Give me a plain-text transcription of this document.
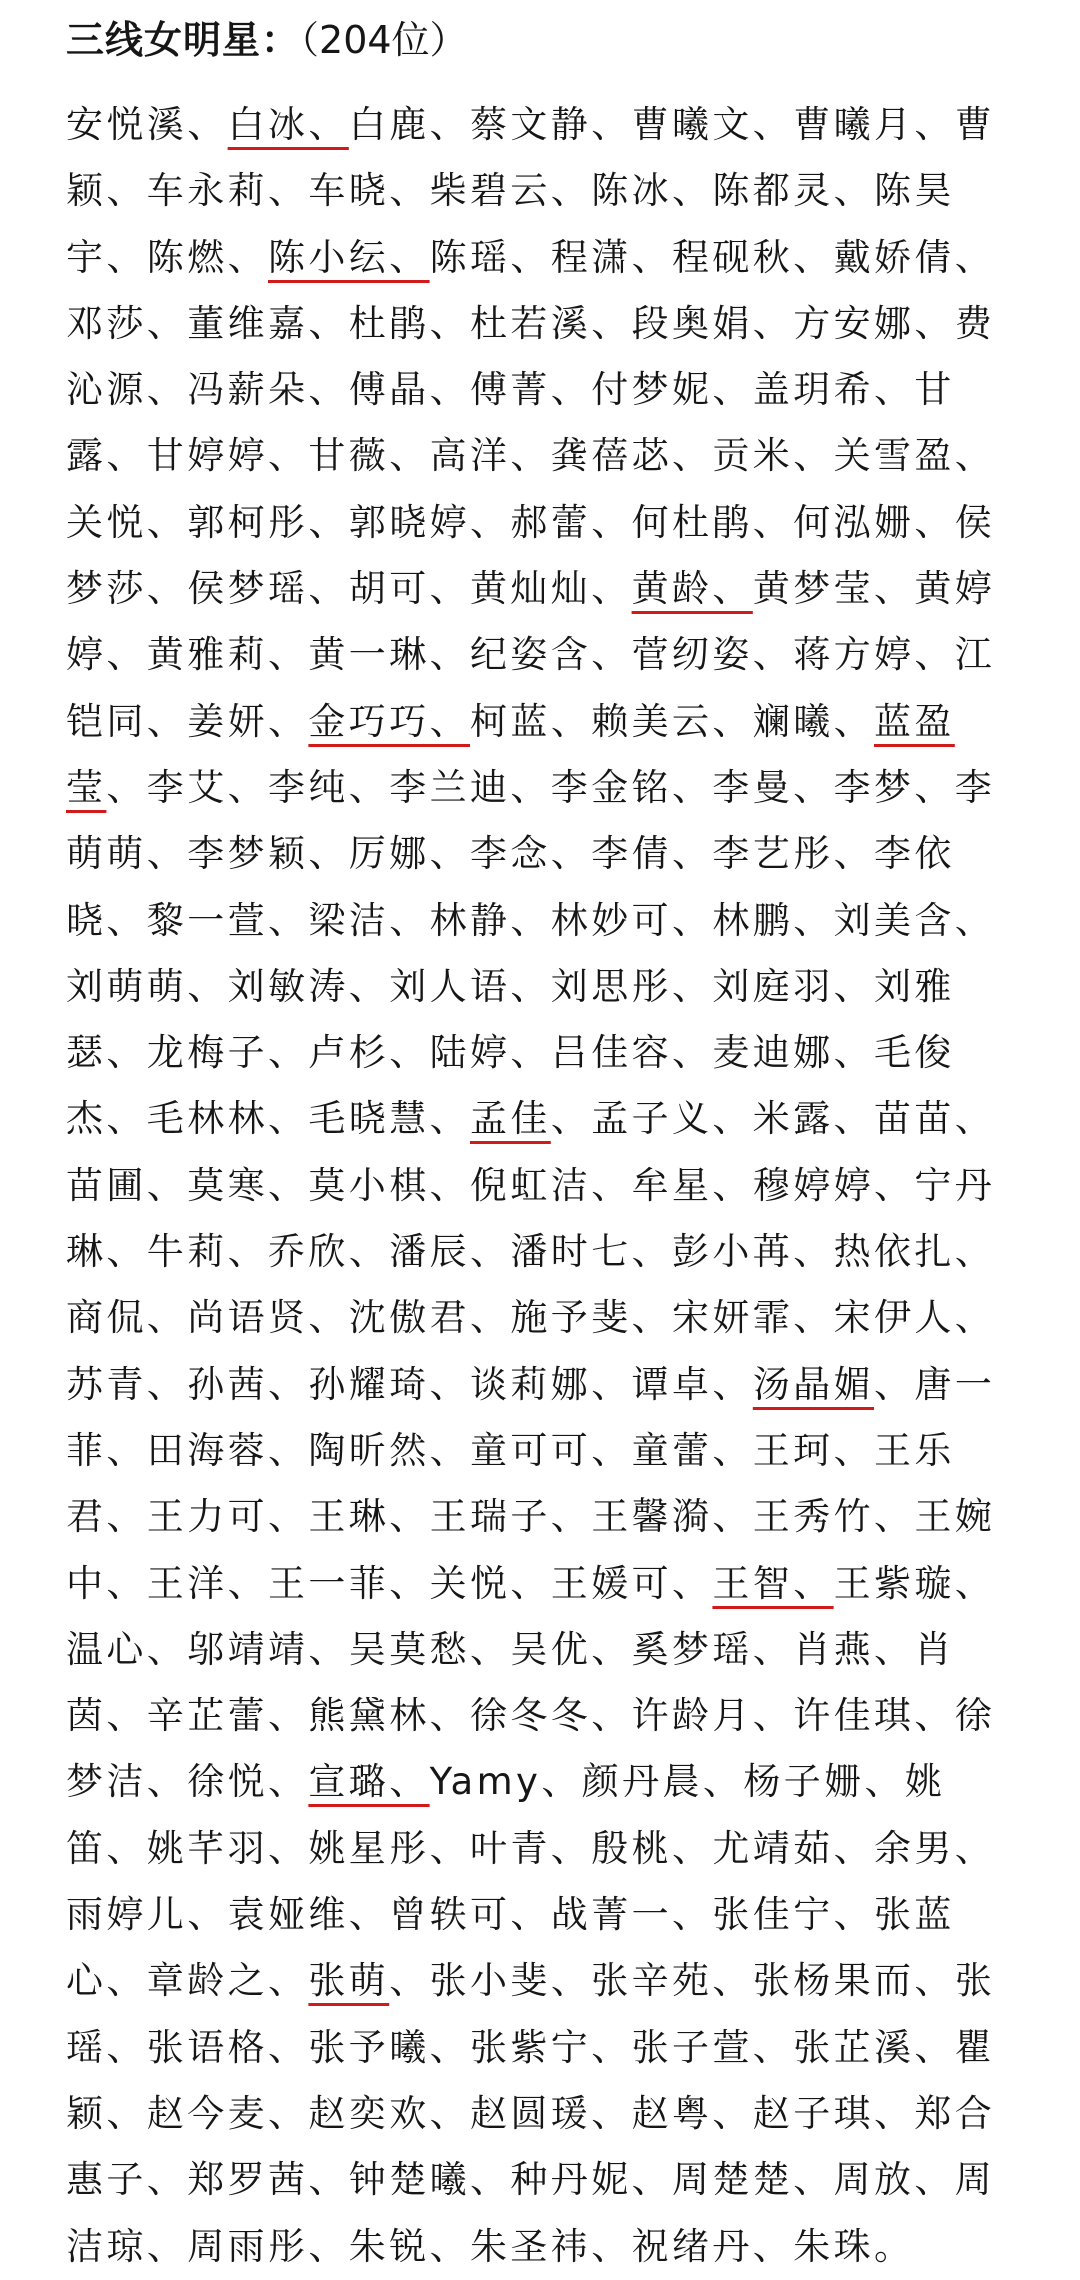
三线女明星：（204位）
安悦溪、白冰、白鹿、蔡文静、曹曦文、曹曦月、曹
颖、车永莉、车晓、柴碧云、陈冰、陈都灵、陈昊
宇、陈燃、陈小纭、陈瑶、程潇、程砚秋、戴娇倩、
邓莎、董维嘉、杜鹃、杜若溪、段奥娟、方安娜、费
沁源、冯薪朵、傅晶、傅菁、付梦妮、盖玥希、甘
露、甘婷婷、甘薇、高洋、龚蓓苾、贡米、关雪盈、
关悦、郭柯彤、郭晓婷、郝蕾、何杜鹃、何泓姗、侯
梦莎、侯梦瑶、胡可、黄灿灿、黄龄、黄梦莹、黄婷
婷、黄雅莉、黄一琳、纪姿含、菅纫姿、蒋方婷、江
铠同、姜妍、金巧巧、柯蓝、赖美云、斓曦、蓝盈
莹、李艾、李纯、李兰迪、李金铭、李曼、李梦、李
萌萌、李梦颖、厉娜、李念、李倩、李艺彤、李依
晓、黎一萱、梁洁、林静、林妙可、林鹏、刘美含、
刘萌萌、刘敏涛、刘人语、刘思彤、刘庭羽、刘雅
瑟、龙梅子、卢杉、陆婷、吕佳容、麦迪娜、毛俊
杰、毛林林、毛晓慧、孟佳、孟子义、米露、苗苗、
苗圃、莫寒、莫小棋、倪虹洁、牟星、穆婷婷、宁丹
琳、牛莉、乔欣、潘辰、潘时七、彭小苒、热依扎、
商侃、尚语贤、沈傲君、施予斐、宋妍霏、宋伊人、
苏青、孙茜、孙耀琦、谈莉娜、谭卓、汤晶媚、唐一
菲、田海蓉、陶昕然、童可可、童蕾、王珂、王乐
君、王力可、王琳、王瑞子、王馨漪、王秀竹、王婉
中、王洋、王一菲、关悦、王媛可、王智、王紫璇、
温心、邬靖靖、吴莫愁、吴优、奚梦瑶、肖燕、肖
茵、辛芷蕾、熊黛林、徐冬冬、许龄月、许佳琪、徐
梦洁、徐悦、宣璐、Yamy、颜丹晨、杨子姗、姚
笛、姚芊羽、姚星彤、叶青、殷桃、尤靖茹、余男、
雨婷儿、袁娅维、曾轶可、战菁一、张佳宁、张蓝
心、章龄之、张萌、张小斐、张辛苑、张杨果而、张
瑶、张语格、张予曦、张紫宁、张子萱、张芷溪、瞿
颖、赵今麦、赵奕欢、赵圆瑗、赵粤、赵子琪、郑合
惠子、郑罗茜、钟楚曦、种丹妮、周楚楚、周放、周
洁琼、周雨彤、朱锐、朱圣祎、祝绪丹、朱珠。
